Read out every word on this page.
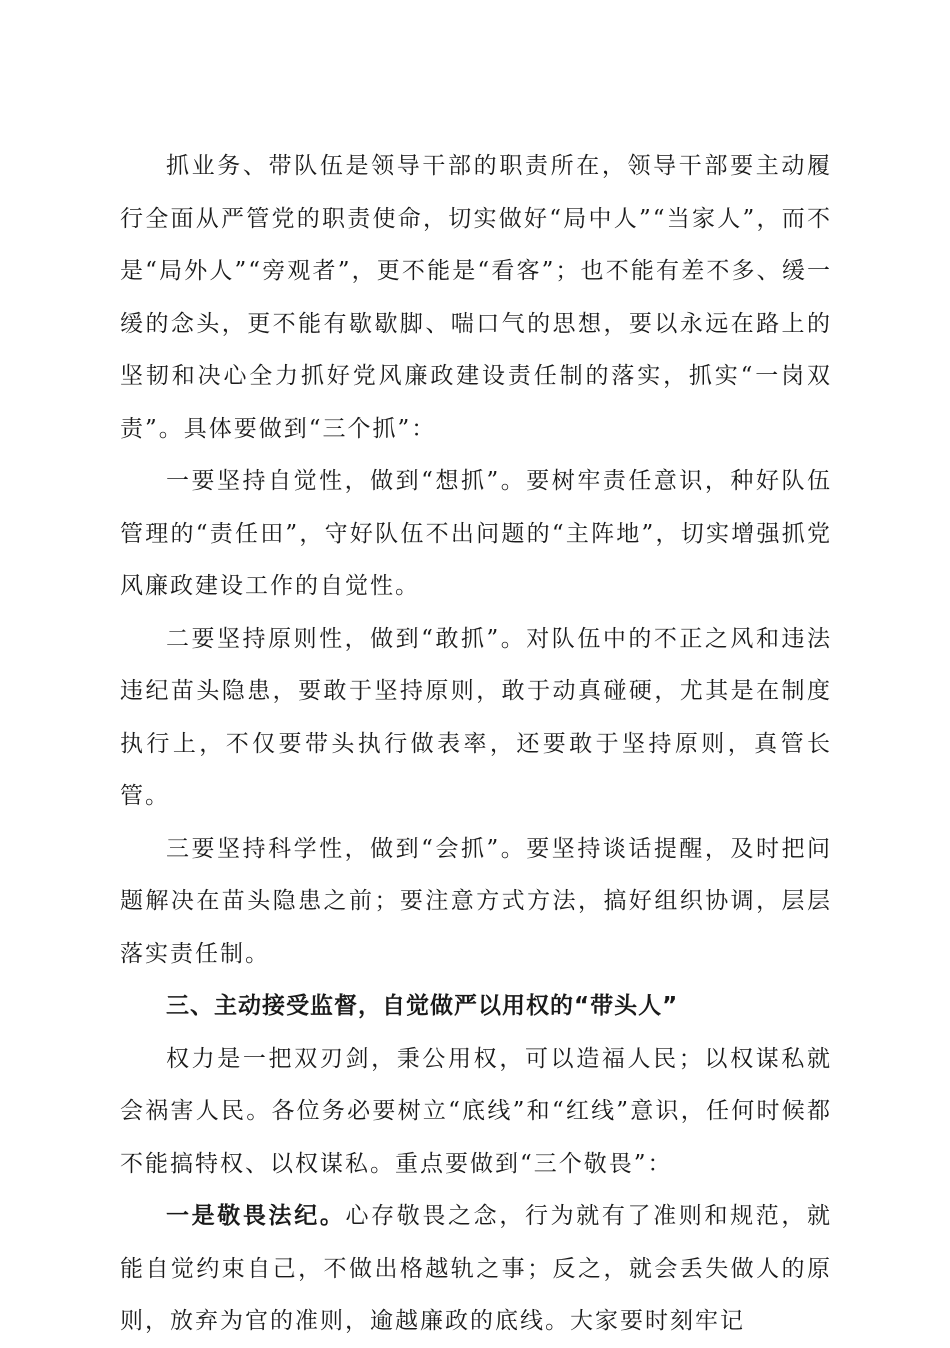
抓业务、带队伍是领导干部的职责所在，领导干部要主动履行全面从严管党的职责使命，切实做好“局中人”“当家人”，而不是“局外人”“旁观者”，更不能是“看客”；也不能有差不多、缓一缓的念头，更不能有歇歇脚、喘口气的思想，要以永远在路上的坚韧和决心全力抓好党风廉政建设责任制的落实，抓实“一岗双责”。具体要做到“三个抓”：

一要坚持自觉性，做到“想抓”。要树牢责任意识，种好队伍管理的“责任田”，守好队伍不出问题的“主阵地”，切实增强抓党风廉政建设工作的自觉性。

二要坚持原则性，做到“敢抓”。对队伍中的不正之风和违法违纪苗头隐患，要敢于坚持原则，敢于动真碰硬，尤其是在制度执行上，不仅要带头执行做表率，还要敢于坚持原则，真管长管。

三要坚持科学性，做到“会抓”。要坚持谈话提醒，及时把问题解决在苗头隐患之前；要注意方式方法，搞好组织协调，层层落实责任制。

三、主动接受监督，自觉做严以用权的“带头人”

权力是一把双刃剑，秉公用权，可以造福人民；以权谋私就会祸害人民。各位务必要树立“底线”和“红线”意识，任何时候都不能搞特权、以权谋私。重点要做到“三个敬畏”：

一是敬畏法纪。心存敬畏之念，行为就有了准则和规范，就能自觉约束自己，不做出格越轨之事；反之，就会丢失做人的原则，放弃为官的准则，逾越廉政的底线。大家要时刻牢记
